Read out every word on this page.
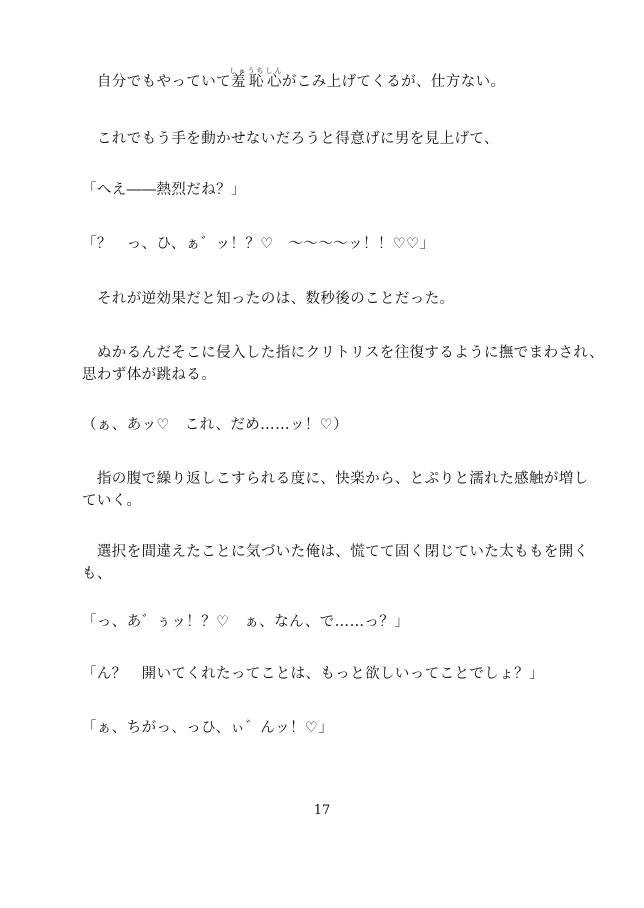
　自分でもやっていて羞恥心しゅうちしんがこみ上げてくるが、仕方ない。
　これでもう手を動かせないだろうと得意げに男を見上げて、
「へえ――熱烈だね？」
「？　っ、ひ、ぁ゛ッ！？♡　～～～～ッ！！♡♡」
　それが逆効果だと知ったのは、数秒後のことだった。
　ぬかるんだそこに侵入した指にクリトリスを往復するように撫でまわされ、
思わず体が跳ねる。
（ぁ、あッ♡　これ、だめ……ッ！♡）
　指の腹で繰り返しこすられる度に、快楽から、とぷりと濡れた感触が増し
ていく。
　選択を間違えたことに気づいた俺は、慌てて固く閉じていた太ももを開く
も、
「っ、あ゛ぅッ！？♡　ぁ、なん、で……っ？」
「ん？　開いてくれたってことは、もっと欲しいってことでしょ？」
「ぁ、ちがっ、っひ、ぃ゛んッ！♡」
17
